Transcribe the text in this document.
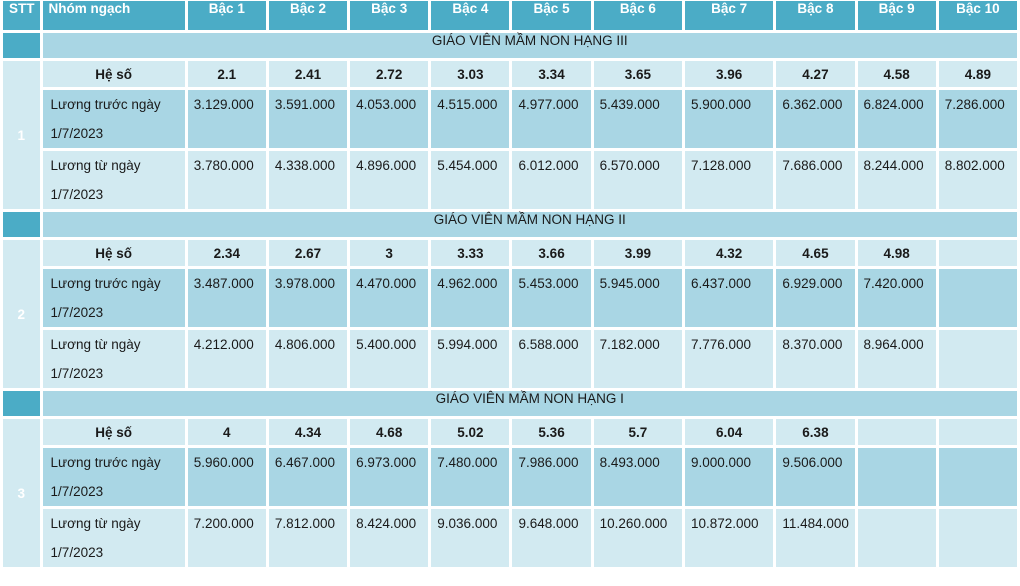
STT	Nhóm ngạch	Bậc 1	Bậc 2	Bậc 3	Bậc 4	Bậc 5	Bậc 6	Bậc 7	Bậc 8	Bậc 9	Bậc 10
	GIÁO VIÊN MẦM NON HẠNG III										
1	Hệ số	2.1	2.41	2.72	3.03	3.34	3.65	3.96	4.27	4.58	4.89
	Lương trước ngày 1/7/2023	3.129.000	3.591.000	4.053.000	4.515.000	4.977.000	5.439.000	5.900.000	6.362.000	6.824.000	7.286.000
	Lương từ ngày 1/7/2023	3.780.000	4.338.000	4.896.000	5.454.000	6.012.000	6.570.000	7.128.000	7.686.000	8.244.000	8.802.000
	GIÁO VIÊN MẦM NON HẠNG II										
2	Hệ số	2.34	2.67	3	3.33	3.66	3.99	4.32	4.65	4.98	
	Lương trước ngày 1/7/2023	3.487.000	3.978.000	4.470.000	4.962.000	5.453.000	5.945.000	6.437.000	6.929.000	7.420.000	
	Lương từ ngày 1/7/2023	4.212.000	4.806.000	5.400.000	5.994.000	6.588.000	7.182.000	7.776.000	8.370.000	8.964.000	
	GIÁO VIÊN MẦM NON HẠNG I										
3	Hệ số	4	4.34	4.68	5.02	5.36	5.7	6.04	6.38		
	Lương trước ngày 1/7/2023	5.960.000	6.467.000	6.973.000	7.480.000	7.986.000	8.493.000	9.000.000	9.506.000		
	Lương từ ngày 1/7/2023	7.200.000	7.812.000	8.424.000	9.036.000	9.648.000	10.260.000	10.872.000	11.484.000		
